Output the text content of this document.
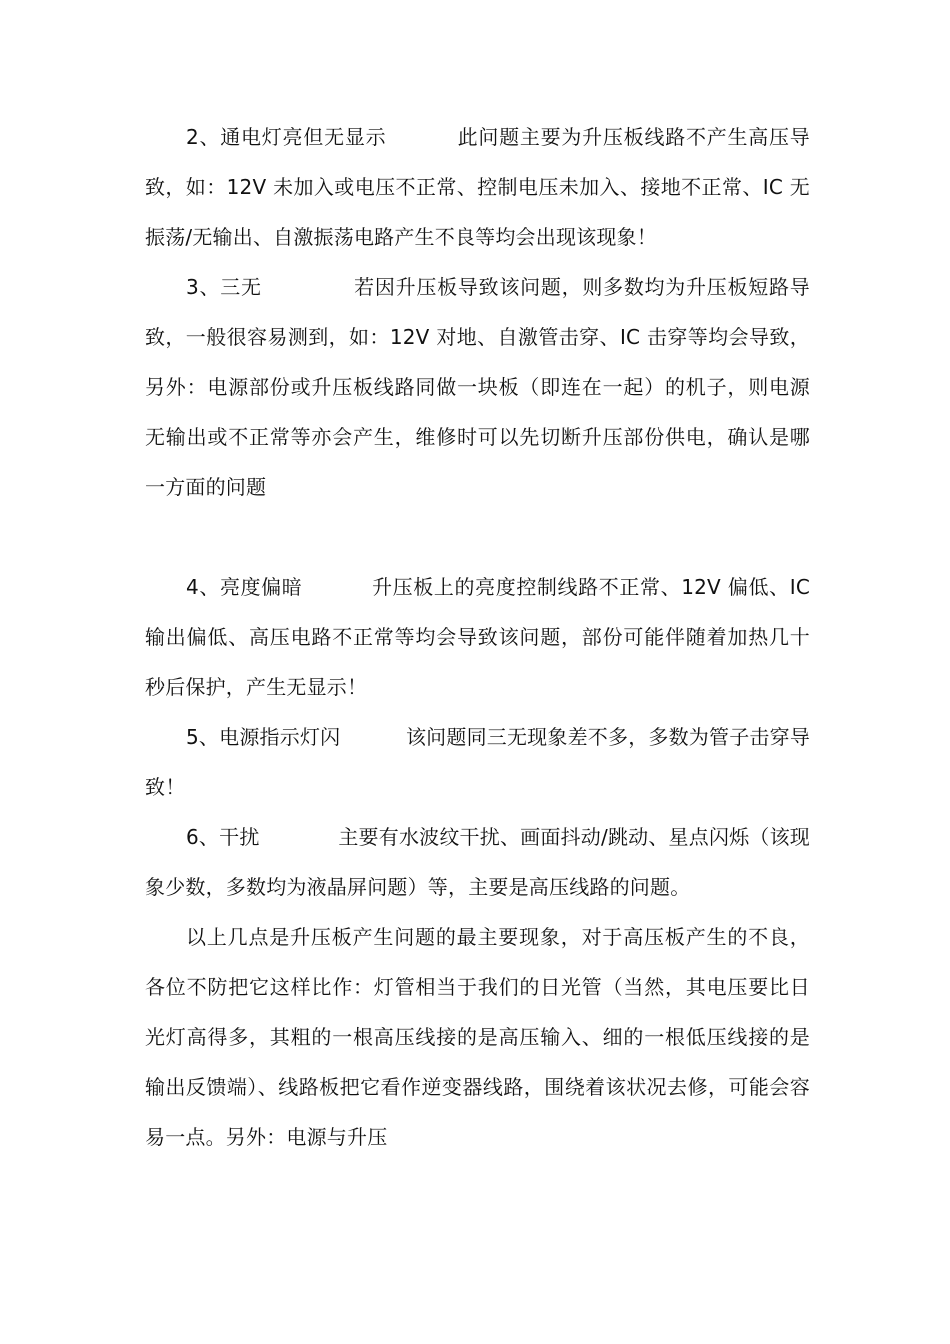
2、通电灯亮但无显示	此问题主要为升压板线路不产生高压导致，如：12V 未加入或电压不正常、控制电压未加入、接地不正常、IC 无振荡/无输出、自激振荡电路产生不良等均会出现该现象！

3、三无	若因升压板导致该问题，则多数均为升压板短路导致，一般很容易测到，如：12V 对地、自激管击穿、IC 击穿等均会导致，另外：电源部份或升压板线路同做一块板（即连在一起）的机子，则电源无输出或不正常等亦会产生，维修时可以先切断升压部份供电，确认是哪一方面的问题

4、亮度偏暗	升压板上的亮度控制线路不正常、12V 偏低、IC 输出偏低、高压电路不正常等均会导致该问题，部份可能伴随着加热几十秒后保护，产生无显示！

5、电源指示灯闪	该问题同三无现象差不多，多数为管子击穿导致！

6、干扰	主要有水波纹干扰、画面抖动/跳动、星点闪烁（该现象少数，多数均为液晶屏问题）等，主要是高压线路的问题。

以上几点是升压板产生问题的最主要现象，对于高压板产生的不良，各位不防把它这样比作：灯管相当于我们的日光管（当然，其电压要比日光灯高得多，其粗的一根高压线接的是高压输入、细的一根低压线接的是输出反馈端）、线路板把它看作逆变器线路，围绕着该状况去修，可能会容易一点。另外：电源与升压
